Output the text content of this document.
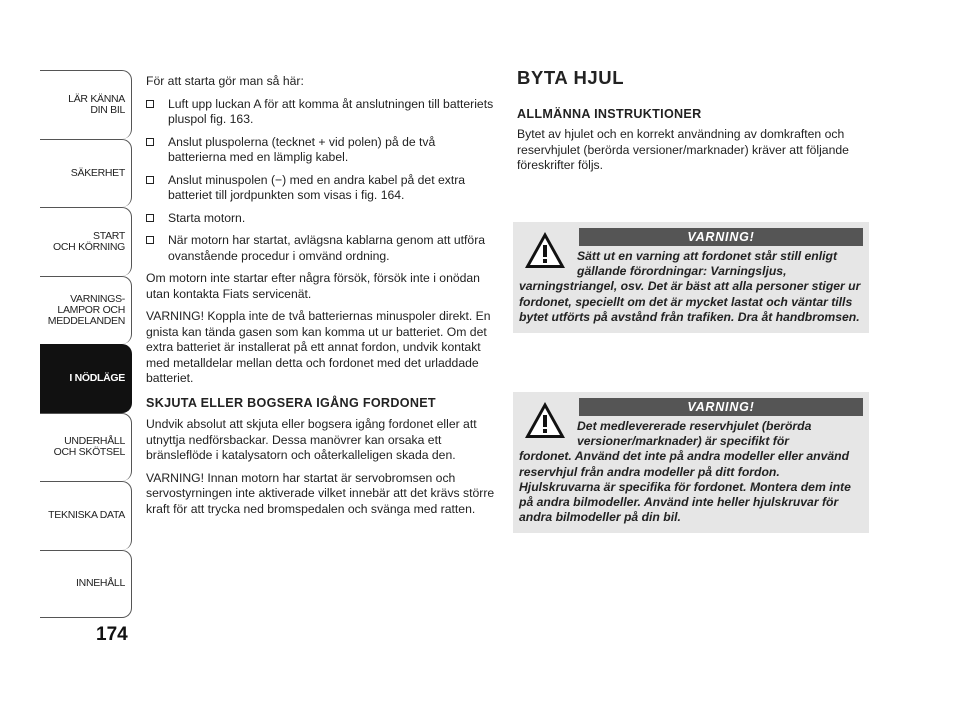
LÄR KÄNNA
DIN BIL
SÄKERHET
START
OCH KÖRNING
VARNINGS-
LAMPOR OCH
MEDDELANDEN
I NÖDLÄGE
UNDERHÅLL
OCH SKÖTSEL
TEKNISKA DATA
INNEHÅLL
174

För att starta gör man så här:

Luft upp luckan A för att komma åt anslutningen till batteriets pluspol fig. 163.
Anslut pluspolerna (tecknet + vid polen) på de två batterierna med en lämplig kabel.
Anslut minuspolen (−) med en andra kabel på det extra batteriet till jordpunkten som visas i fig. 164.
Starta motorn.
När motorn har startat, avlägsna kablarna genom att utföra ovanstående procedur i omvänd ordning.

Om motorn inte startar efter några försök, försök inte i onödan utan kontakta Fiats servicenät.

VARNING! Koppla inte de två batteriernas minuspoler direkt. En gnista kan tända gasen som kan komma ut ur batteriet. Om det extra batteriet är installerat på ett annat fordon, undvik kontakt med metalldelar mellan detta och fordonet med det urladdade batteriet.

SKJUTA ELLER BOGSERA IGÅNG FORDONET

Undvik absolut att skjuta eller bogsera igång fordonet eller att utnyttja nedförsbackar. Dessa manövrer kan orsaka ett bränsleflöde i katalysatorn och oåterkalleligen skada den.

VARNING! Innan motorn har startat är servobromsen och servostyrningen inte aktiverade vilket innebär att det krävs större kraft för att trycka ned bromspedalen och svänga med ratten.

BYTA HJUL
ALLMÄNNA INSTRUKTIONER

Bytet av hjulet och en korrekt användning av domkraften och reservhjulet (berörda versioner/marknader) kräver att följande föreskrifter följs.

VARNING!
Sätt ut en varning att fordonet står still enligt gällande förordningar: Varningsljus,
varningstriangel, osv. Det är bäst att alla personer stiger ur fordonet, speciellt om det är mycket lastat och väntar tills bytet utförts på avstånd från trafiken. Dra åt handbromsen.
VARNING!
Det medlevererade reservhjulet (berörda versioner/marknader) är specifikt för
fordonet. Använd det inte på andra modeller eller använd reservhjul från andra modeller på ditt fordon. Hjulskruvarna är specifika för fordonet. Montera dem inte på andra bilmodeller. Använd inte heller hjulskruvar för andra bilmodeller på din bil.
